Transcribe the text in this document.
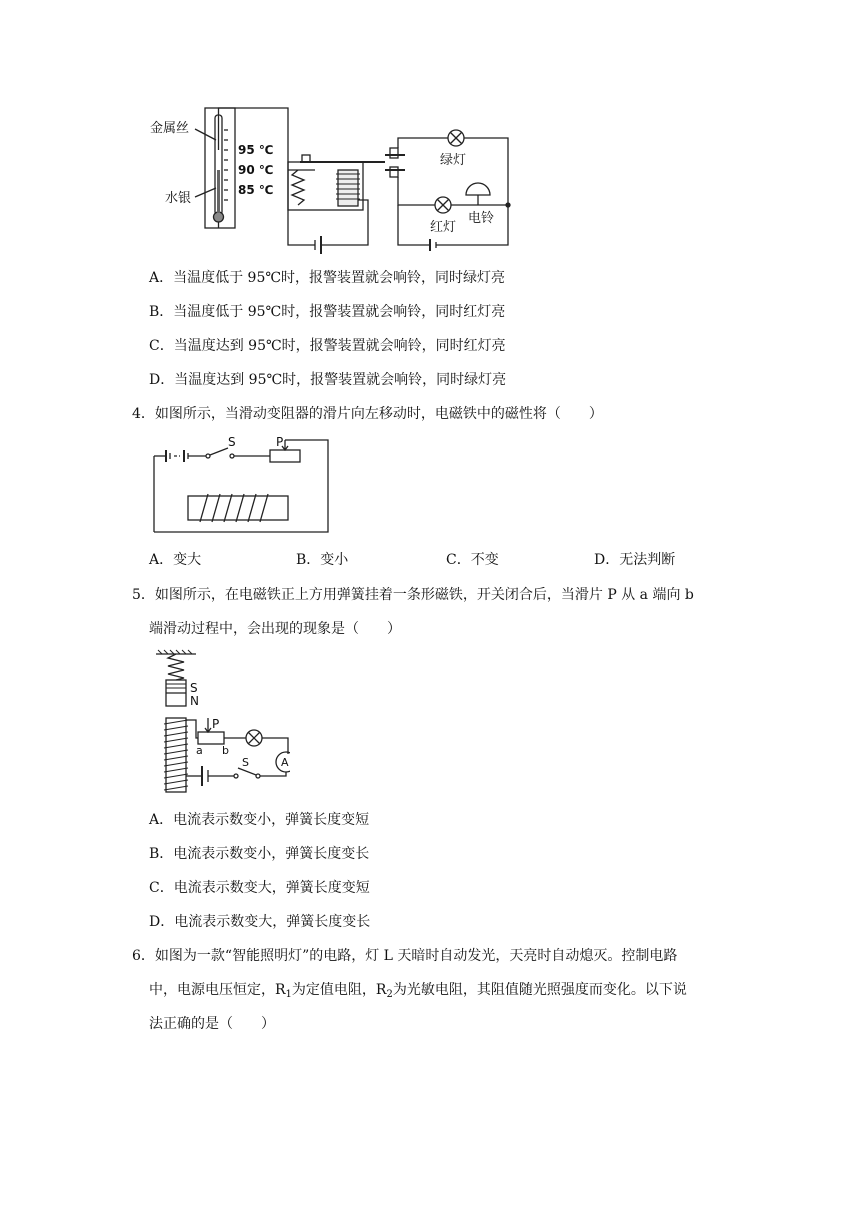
金属丝
水银
95 ℃
90 ℃
85 ℃
绿灯
红灯
电铃
A．当温度低于 95℃时，报警装置就会响铃，同时绿灯亮
B．当温度低于 95℃时，报警装置就会响铃，同时红灯亮
C．当温度达到 95℃时，报警装置就会响铃，同时红灯亮
D．当温度达到 95℃时，报警装置就会响铃，同时绿灯亮
4．如图所示，当滑动变阻器的滑片向左移动时，电磁铁中的磁性将（　　）
S	P
A．变大	B．变小	C．不变	D．无法判断
5．如图所示，在电磁铁正上方用弹簧挂着一条形磁铁，开关闭合后，当滑片 P 从 a 端向 b
端滑动过程中，会出现的现象是（　　）
S
N
P
a b
S	A
A．电流表示数变小，弹簧长度变短
B．电流表示数变小，弹簧长度变长
C．电流表示数变大，弹簧长度变短
D．电流表示数变大，弹簧长度变长
6．如图为一款“智能照明灯”的电路，灯 L 天暗时自动发光，天亮时自动熄灭。控制电路
中，电源电压恒定，$R_1$为定值电阻，$R_2$为光敏电阻，其阻值随光照强度而变化。以下说
法正确的是（　　）
